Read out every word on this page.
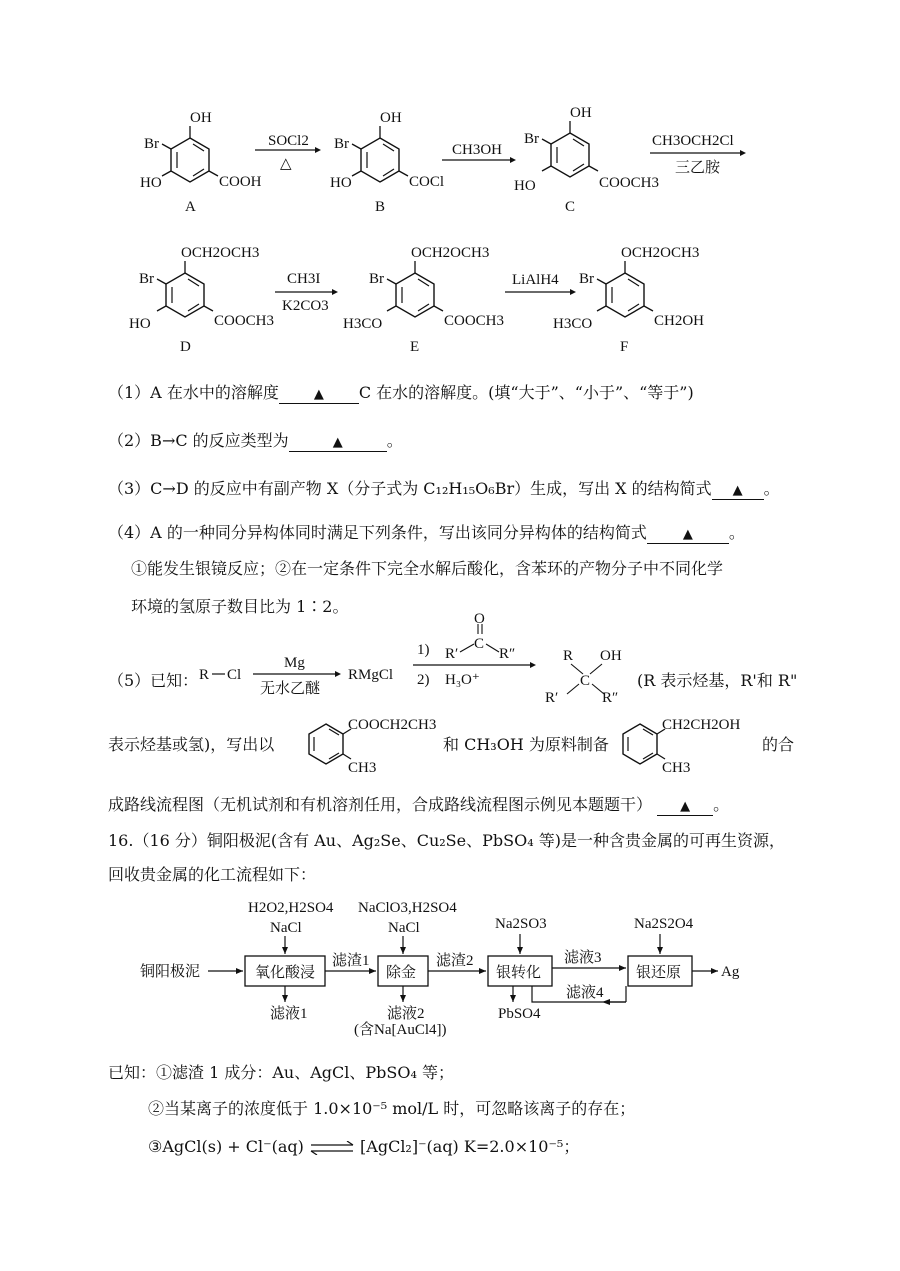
OH
Br
HO	COOH
A
SOCl2
△
OH
Br
HO	COCl
B
CH3OH
OH
Br
HO	COOCH3
C
CH3OCH2Cl
三乙胺
OCH2OCH3
Br
HO	COOCH3
D
CH3I
K2CO3
OCH2OCH3
Br
H3CO	COOCH3
E
LiAlH4
OCH2OCH3
Br
H3CO	CH2OH
F
（1）A 在水中的溶解度	▲ C 在水的溶解度。(填“大于”、“小于”、“等于”)
（2）B→C 的反应类型为	▲	。
（3）C→D 的反应中有副产物 X（分子式为 C₁₂H₁₅O₆Br）生成，写出 X 的结构简式 ▲ 。
（4）A 的一种同分异构体同时满足下列条件，写出该同分异构体的结构简式	▲ 。
①能发生银镜反应；②在一定条件下完全水解后酸化，含苯环的产物分子中不同化学
环境的氢原子数目比为 1∶2。
（5）已知： R Cl
Mg
无水乙醚
RMgCl
1) R′
C
O
R″
2) H₃O⁺
R
C
OH
R′	R″
(R 表示烃基，R'和 R"
表示烃基或氢)，写出以
COOCH2CH3
CH3
和 CH₃OH 为原料制备
CH2CH2OH
CH3
的合
成路线流程图（无机试剂和有机溶剂任用，合成路线流程图示例见本题题干） ▲ 。
16.（16 分）铜阳极泥(含有 Au、Ag₂Se、Cu₂Se、PbSO₄ 等)是一种含贵金属的可再生资源，
回收贵金属的化工流程如下：
铜阳极泥	氧化酸浸
H2O2,H2SO4
NaCl
滤液1
滤渣1
除金
NaClO3,H2SO4
NaCl
滤液2
(含Na[AuCl4])
滤渣2
银转化
Na2SO3
PbSO4
滤液3
滤液4
银还原
Na2S2O4
Ag
已知：①滤渣 1 成分：Au、AgCl、PbSO₄ 等；
②当某离子的浓度低于 1.0×10⁻⁵ mol/L 时，可忽略该离子的存在；
③AgCl(s) + Cl⁻(aq) ⇌ [AgCl₂]⁻(aq) K=2.0×10⁻⁵；
